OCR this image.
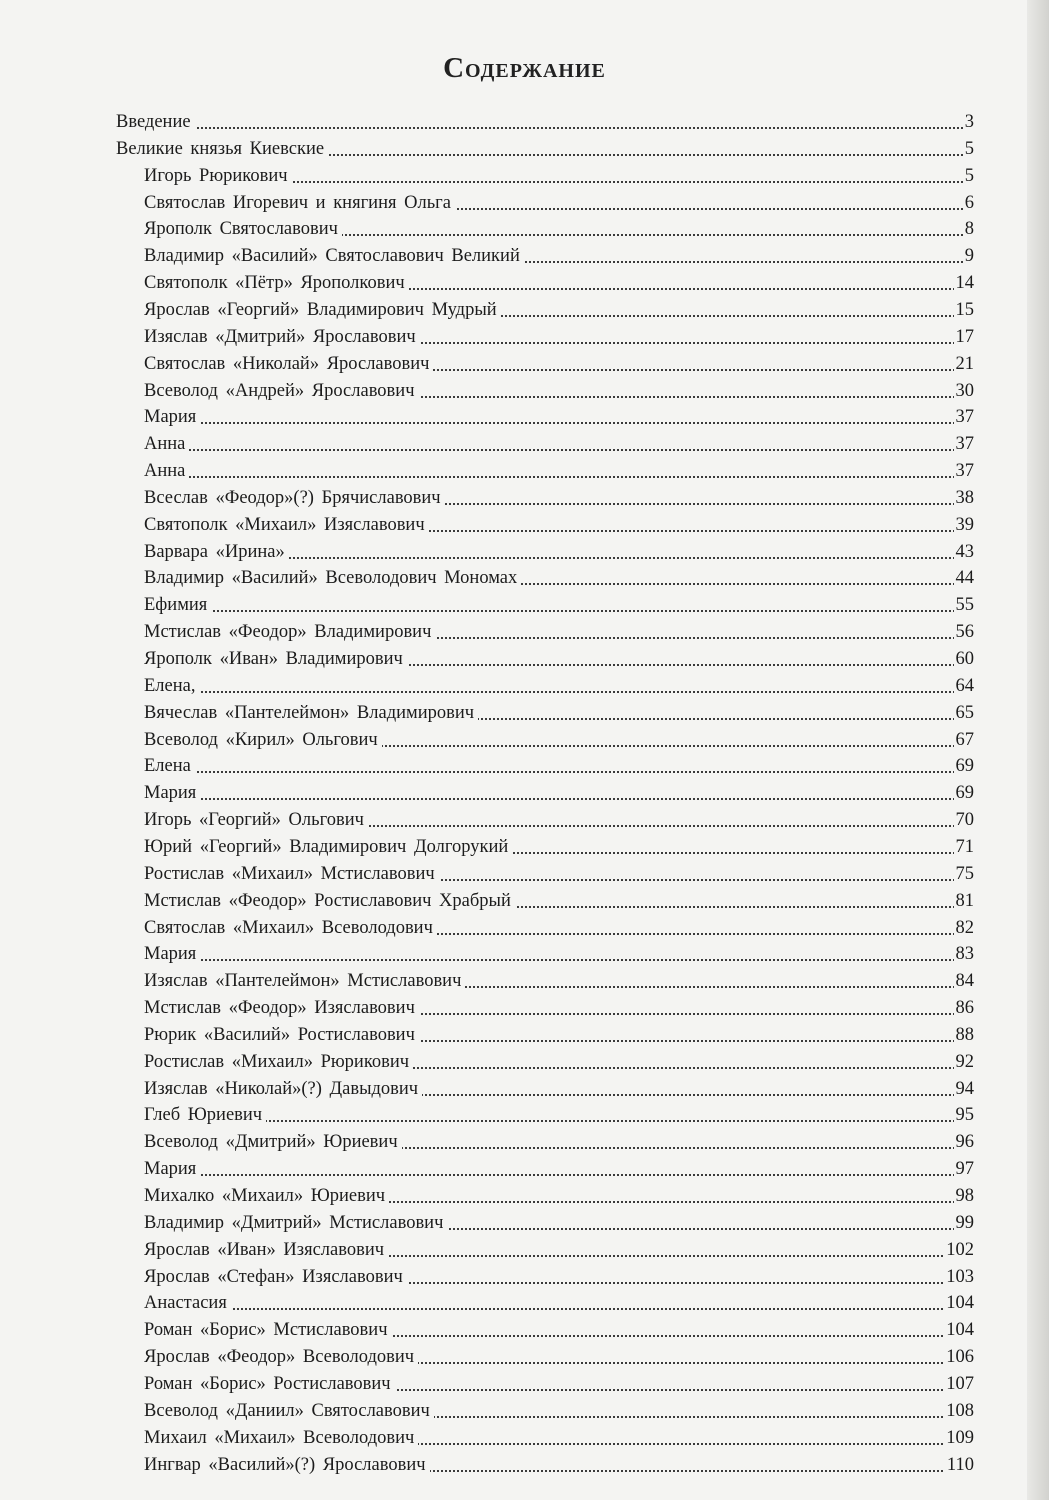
Содержание
Введение	3
Великие князья Киевские	5
Игорь Рюрикович	5
Святослав Игоревич и княгиня Ольга	6
Ярополк Святославович	8
Владимир «Василий» Святославович Великий	9
Святополк «Пётр» Ярополкович	14
Ярослав «Георгий» Владимирович Мудрый	15
Изяслав «Дмитрий» Ярославович	17
Святослав «Николай» Ярославович	21
Всеволод «Андрей» Ярославович	30
Мария	37
Анна	37
Анна	37
Всеслав «Феодор»(?) Брячиславович	38
Святополк «Михаил» Изяславович	39
Варвара «Ирина»	43
Владимир «Василий» Всеволодович Мономах	44
Ефимия	55
Мстислав «Феодор» Владимирович	56
Ярополк «Иван» Владимирович	60
Елена,	64
Вячеслав «Пантелеймон» Владимирович	65
Всеволод «Кирил» Ольгович	67
Елена	69
Мария	69
Игорь «Георгий» Ольгович	70
Юрий «Георгий» Владимирович Долгорукий	71
Ростислав «Михаил» Мстиславович	75
Мстислав «Феодор» Ростиславович Храбрый	81
Святослав «Михаил» Всеволодович	82
Мария	83
Изяслав «Пантелеймон» Мстиславович	84
Мстислав «Феодор» Изяславович	86
Рюрик «Василий» Ростиславович	88
Ростислав «Михаил» Рюрикович	92
Изяслав «Николай»(?) Давыдович	94
Глеб Юриевич	95
Всеволод «Дмитрий» Юриевич	96
Мария	97
Михалко «Михаил» Юриевич	98
Владимир «Дмитрий» Мстиславович	99
Ярослав «Иван» Изяславович	102
Ярослав «Стефан» Изяславович	103
Анастасия	104
Роман «Борис» Мстиславович	104
Ярослав «Феодор» Всеволодович	106
Роман «Борис» Ростиславович	107
Всеволод «Даниил» Святославович	108
Михаил «Михаил» Всеволодович	109
Ингвар «Василий»(?) Ярославович	110
